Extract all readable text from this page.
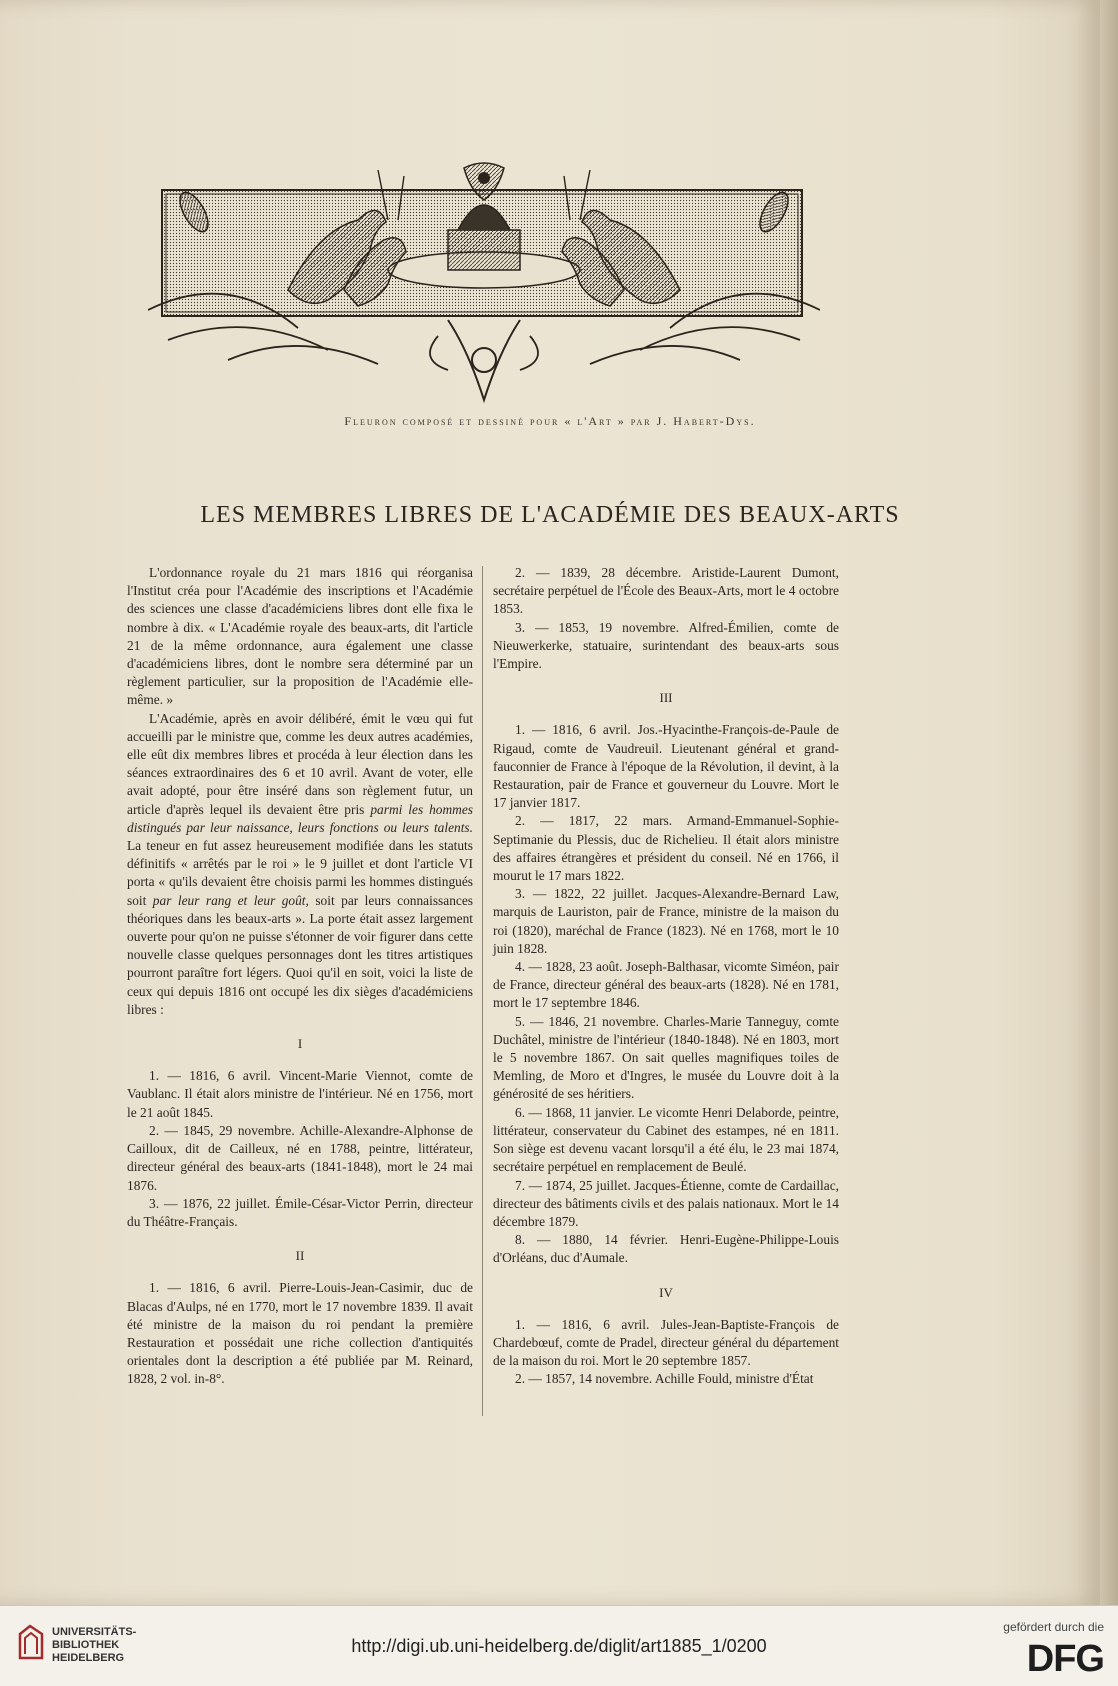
Fleuron composé et dessiné pour « l'Art » par J. Habert-Dys.
LES MEMBRES LIBRES DE L'ACADÉMIE DES BEAUX-ARTS

L'ordonnance royale du 21 mars 1816 qui réorganisa l'Institut créa pour l'Académie des inscriptions et l'Académie des sciences une classe d'académiciens libres dont elle fixa le nombre à dix. « L'Académie royale des beaux-arts, dit l'article 21 de la même ordonnance, aura également une classe d'académiciens libres, dont le nombre sera déterminé par un règlement particulier, sur la proposition de l'Académie elle-même. »

L'Académie, après en avoir délibéré, émit le vœu qui fut accueilli par le ministre que, comme les deux autres académies, elle eût dix membres libres et procéda à leur élection dans les séances extraordinaires des 6 et 10 avril. Avant de voter, elle avait adopté, pour être inséré dans son règlement futur, un article d'après lequel ils devaient être pris parmi les hommes distingués par leur naissance, leurs fonctions ou leurs talents. La teneur en fut assez heureusement modifiée dans les statuts définitifs « arrêtés par le roi » le 9 juillet et dont l'article VI porta « qu'ils devaient être choisis parmi les hommes distingués soit par leur rang et leur goût, soit par leurs connaissances théoriques dans les beaux-arts ». La porte était assez largement ouverte pour qu'on ne puisse s'étonner de voir figurer dans cette nouvelle classe quelques personnages dont les titres artistiques pourront paraître fort légers. Quoi qu'il en soit, voici la liste de ceux qui depuis 1816 ont occupé les dix sièges d'académiciens libres :

I

1. — 1816, 6 avril. Vincent-Marie Viennot, comte de Vaublanc. Il était alors ministre de l'intérieur. Né en 1756, mort le 21 août 1845.

2. — 1845, 29 novembre. Achille-Alexandre-Alphonse de Cailloux, dit de Cailleux, né en 1788, peintre, littérateur, directeur général des beaux-arts (1841-1848), mort le 24 mai 1876.

3. — 1876, 22 juillet. Émile-César-Victor Perrin, directeur du Théâtre-Français.

II

1. — 1816, 6 avril. Pierre-Louis-Jean-Casimir, duc de Blacas d'Aulps, né en 1770, mort le 17 novembre 1839. Il avait été ministre de la maison du roi pendant la première Restauration et possédait une riche collection d'antiquités orientales dont la description a été publiée par M. Reinard, 1828, 2 vol. in-8°.

2. — 1839, 28 décembre. Aristide-Laurent Dumont, secrétaire perpétuel de l'École des Beaux-Arts, mort le 4 octobre 1853.

3. — 1853, 19 novembre. Alfred-Émilien, comte de Nieuwerkerke, statuaire, surintendant des beaux-arts sous l'Empire.

III

1. — 1816, 6 avril. Jos.-Hyacinthe-François-de-Paule de Rigaud, comte de Vaudreuil. Lieutenant général et grand-fauconnier de France à l'époque de la Révolution, il devint, à la Restauration, pair de France et gouverneur du Louvre. Mort le 17 janvier 1817.

2. — 1817, 22 mars. Armand-Emmanuel-Sophie-Septimanie du Plessis, duc de Richelieu. Il était alors ministre des affaires étrangères et président du conseil. Né en 1766, il mourut le 17 mars 1822.

3. — 1822, 22 juillet. Jacques-Alexandre-Bernard Law, marquis de Lauriston, pair de France, ministre de la maison du roi (1820), maréchal de France (1823). Né en 1768, mort le 10 juin 1828.

4. — 1828, 23 août. Joseph-Balthasar, vicomte Siméon, pair de France, directeur général des beaux-arts (1828). Né en 1781, mort le 17 septembre 1846.

5. — 1846, 21 novembre. Charles-Marie Tanneguy, comte Duchâtel, ministre de l'intérieur (1840-1848). Né en 1803, mort le 5 novembre 1867. On sait quelles magnifiques toiles de Memling, de Moro et d'Ingres, le musée du Louvre doit à la générosité de ses héritiers.

6. — 1868, 11 janvier. Le vicomte Henri Delaborde, peintre, littérateur, conservateur du Cabinet des estampes, né en 1811. Son siège est devenu vacant lorsqu'il a été élu, le 23 mai 1874, secrétaire perpétuel en remplacement de Beulé.

7. — 1874, 25 juillet. Jacques-Étienne, comte de Cardaillac, directeur des bâtiments civils et des palais nationaux. Mort le 14 décembre 1879.

8. — 1880, 14 février. Henri-Eugène-Philippe-Louis d'Orléans, duc d'Aumale.

IV

1. — 1816, 6 avril. Jules-Jean-Baptiste-François de Chardebœuf, comte de Pradel, directeur général du département de la maison du roi. Mort le 20 septembre 1857.

2. — 1857, 14 novembre. Achille Fould, ministre d'État

UNIVERSITÄTS-
BIBLIOTHEK
HEIDELBERG
http://digi.ub.uni-heidelberg.de/diglit/art1885_1/0200
gefördert durch die
DFG
